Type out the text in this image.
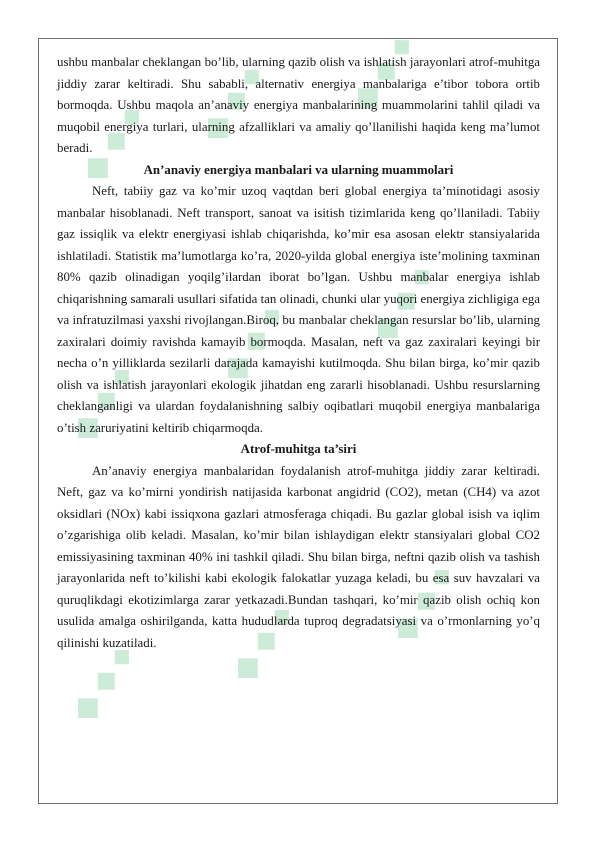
ushbu manbalar cheklangan bo’lib, ularning qazib olish va ishlatish jarayonlari atrof-muhitga jiddiy zarar keltiradi. Shu sababli, alternativ energiya manbalariga e’tibor tobora ortib bormoqda. Ushbu maqola an’anaviy energiya manbalarining muammolarini tahlil qiladi va muqobil energiya turlari, ularning afzalliklari va amaliy qo’llanilishi haqida keng ma’lumot beradi.

An’anaviy energiya manbalari va ularning muammolari

Neft, tabiiy gaz va ko’mir uzoq vaqtdan beri global energiya ta’minotidagi asosiy manbalar hisoblanadi. Neft transport, sanoat va isitish tizimlarida keng qo’llaniladi. Tabiiy gaz issiqlik va elektr energiyasi ishlab chiqarishda, ko’mir esa asosan elektr stansiyalarida ishlatiladi. Statistik ma’lumotlarga ko’ra, 2020-yilda global energiya iste’molining taxminan 80% qazib olinadigan yoqilg’ilardan iborat bo’lgan. Ushbu manbalar energiya ishlab chiqarishning samarali usullari sifatida tan olinadi, chunki ular yuqori energiya zichligiga ega va infratuzilmasi yaxshi rivojlangan.Biroq, bu manbalar cheklangan resurslar bo’lib, ularning zaxiralari doimiy ravishda kamayib bormoqda. Masalan, neft va gaz zaxiralari keyingi bir necha o’n yilliklarda sezilarli darajada kamayishi kutilmoqda. Shu bilan birga, ko’mir qazib olish va ishlatish jarayonlari ekologik jihatdan eng zararli hisoblanadi. Ushbu resurslarning cheklanganligi va ulardan foydalanishning salbiy oqibatlari muqobil energiya manbalariga o’tish zaruriyatini keltirib chiqarmoqda.

Atrof-muhitga ta’siri

An’anaviy energiya manbalaridan foydalanish atrof-muhitga jiddiy zarar keltiradi. Neft, gaz va ko’mirni yondirish natijasida karbonat angidrid (CO2), metan (CH4) va azot oksidlari (NOx) kabi issiqxona gazlari atmosferaga chiqadi. Bu gazlar global isish va iqlim o’zgarishiga olib keladi. Masalan, ko’mir bilan ishlaydigan elektr stansiyalari global CO2 emissiyasining taxminan 40% ini tashkil qiladi. Shu bilan birga, neftni qazib olish va tashish jarayonlarida neft to’kilishi kabi ekologik falokatlar yuzaga keladi, bu esa suv havzalari va quruqlikdagi ekotizimlarga zarar yetkazadi.Bundan tashqari, ko’mir qazib olish ochiq kon usulida amalga oshirilganda, katta hududlarda tuproq degradatsiyasi va o’rmonlarning yo’q qilinishi kuzatiladi.
